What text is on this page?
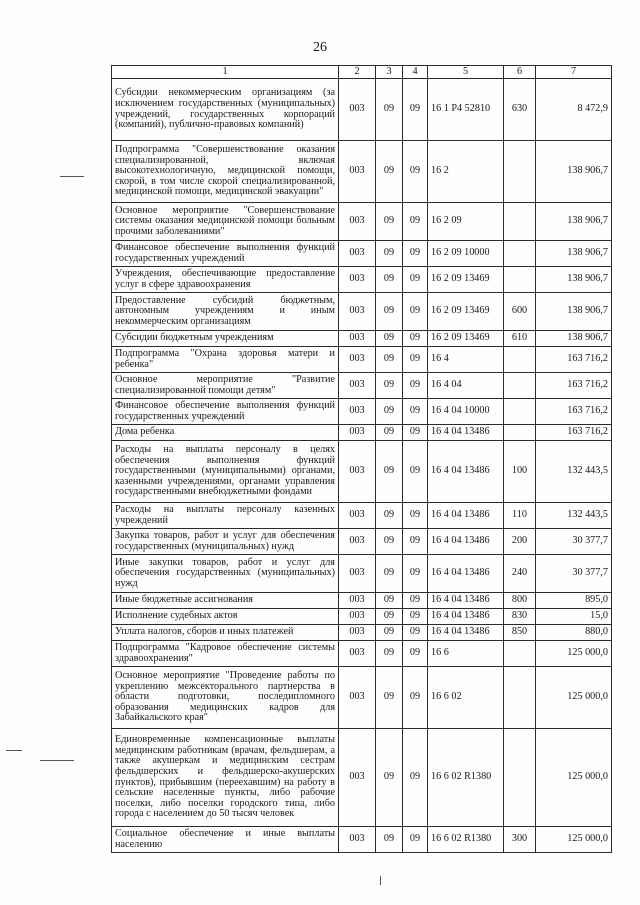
26
1	2	3	4	5	6	7
Субсидии некоммерческим организациям (за исключением государственных (муниципальных) учреждений, государственных корпораций (компаний), публично-правовых компаний)	003	09	09	16 1 Р4 52810	630	8 472,9
Подпрограмма "Совершенствование оказания специализированной, включая высокотехнологичную, медицинской помощи, скорой, в том числе скорой специализированной, медицинской помощи, медицинской эвакуации"	003	09	09	16 2		138 906,7
Основное мероприятие "Совершенствование системы оказания медицинской помощи больным прочими заболеваниями"	003	09	09	16 2 09		138 906,7
Финансовое обеспечение выполнения функций государственных учреждений	003	09	09	16 2 09 10000		138 906,7
Учреждения, обеспечивающие предоставление услуг в сфере здравоохранения	003	09	09	16 2 09 13469		138 906,7
Предоставление субсидий бюджетным, автономным учреждениям и иным некоммерческим организациям	003	09	09	16 2 09 13469	600	138 906,7
Субсидии бюджетным учреждениям	003	09	09	16 2 09 13469	610	138 906,7
Подпрограмма "Охрана здоровья матери и ребенка"	003	09	09	16 4		163 716,2
Основное мероприятие "Развитие специализированной помощи детям"	003	09	09	16 4 04		163 716,2
Финансовое обеспечение выполнения функций государственных учреждений	003	09	09	16 4 04 10000		163 716,2
Дома ребенка	003	09	09	16 4 04 13486		163 716,2
Расходы на выплаты персоналу в целях обеспечения выполнения функций государственными (муниципальными) органами, казенными учреждениями, органами управления государственными внебюджетными фондами	003	09	09	16 4 04 13486	100	132 443,5
Расходы на выплаты персоналу казенных учреждений	003	09	09	16 4 04 13486	110	132 443,5
Закупка товаров, работ и услуг для обеспечения государственных (муниципальных) нужд	003	09	09	16 4 04 13486	200	30 377,7
Иные закупки товаров, работ и услуг для обеспечения государственных (муниципальных) нужд	003	09	09	16 4 04 13486	240	30 377,7
Иные бюджетные ассигнования	003	09	09	16 4 04 13486	800	895,0
Исполнение судебных актов	003	09	09	16 4 04 13486	830	15,0
Уплата налогов, сборов и иных платежей	003	09	09	16 4 04 13486	850	880,0
Подпрограмма "Кадровое обеспечение системы здравоохранения"	003	09	09	16 6		125 000,0
Основное мероприятие "Проведение работы по укреплению межсекторального партнерства в области подготовки, последипломного образования медицинских кадров для Забайкальского края"	003	09	09	16 6 02		125 000,0
Единовременные компенсационные выплаты медицинским работникам (врачам, фельдшерам, а также акушеркам и медицинским сестрам фельдшерских и фельдшерско-акушерских пунктов), прибывшим (переехавшим) на работу в сельские населенные пункты, либо рабочие поселки, либо поселки городского типа, либо города с населением до 50 тысяч человек	003	09	09	16 6 02 R1380		125 000,0
Социальное обеспечение и иные выплаты населению	003	09	09	16 6 02 R1380	300	125 000,0
